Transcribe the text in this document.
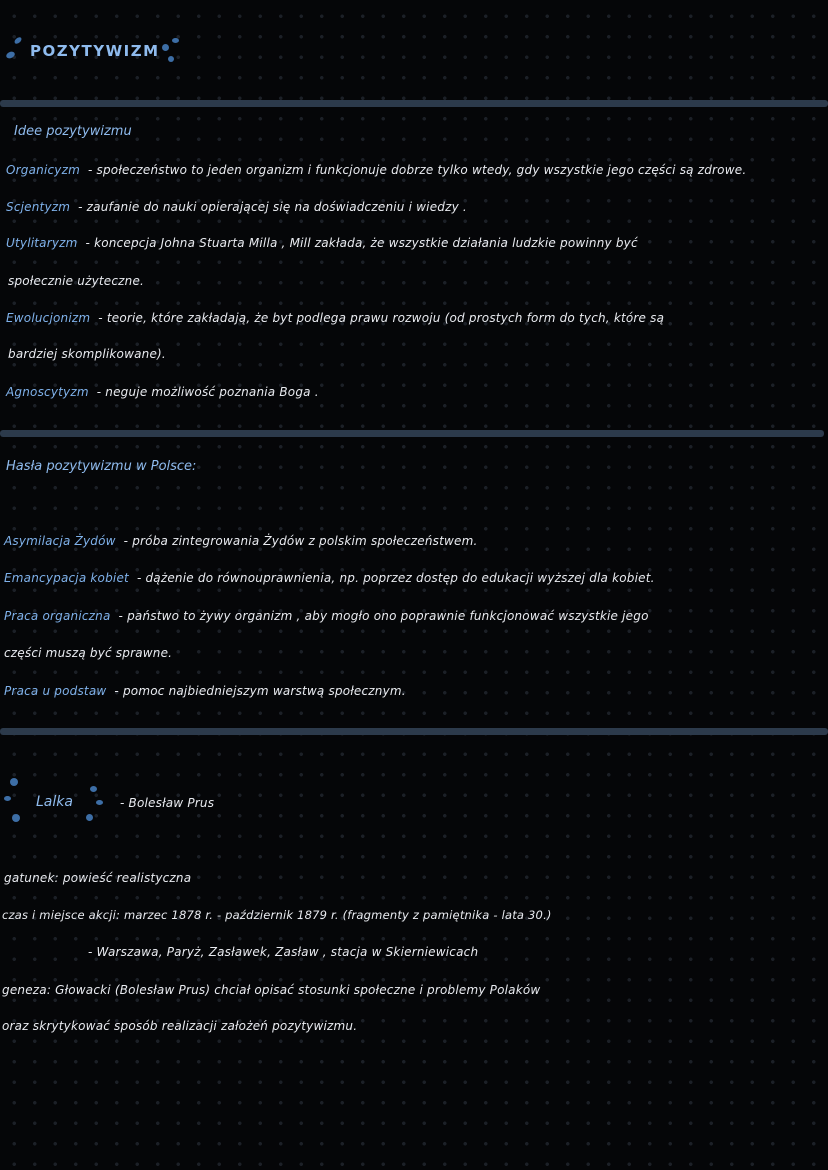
POZYTYWIZM
Idee pozytywizmu
Organicyzm - społeczeństwo to jeden organizm i funkcjonuje dobrze tylko wtedy, gdy wszystkie jego części są zdrowe.
Scjentyzm - zaufanie do nauki opierającej się na doświadczeniu i wiedzy .
Utylitaryzm - koncepcja Johna Stuarta Milla , Mill zakłada, że wszystkie działania ludzkie powinny być
społecznie użyteczne.
Ewolucjonizm - teorie, które zakładają, że byt podlega prawu rozwoju (od prostych form do tych, które są
bardziej skomplikowane).
Agnoscytyzm - neguje możliwość poznania Boga .
Hasła pozytywizmu w Polsce:
Asymilacja Żydów - próba zintegrowania Żydów z polskim społeczeństwem.
Emancypacja kobiet - dążenie do równouprawnienia, np. poprzez dostęp do edukacji wyższej dla kobiet.
Praca organiczna - państwo to żywy organizm , aby mogło ono poprawnie funkcjonować wszystkie jego
części muszą być sprawne.
Praca u podstaw - pomoc najbiedniejszym warstwą społecznym.
Lalka	- Bolesław Prus
gatunek: powieść realistyczna
czas i miejsce akcji: marzec 1878 r. - październik 1879 r. (fragmenty z pamiętnika - lata 30.)
- Warszawa, Paryż, Zasławek, Zasław , stacja w Skierniewicach
geneza: Głowacki (Bolesław Prus) chciał opisać stosunki społeczne i problemy Polaków
oraz skrytykować sposób realizacji założeń pozytywizmu.
